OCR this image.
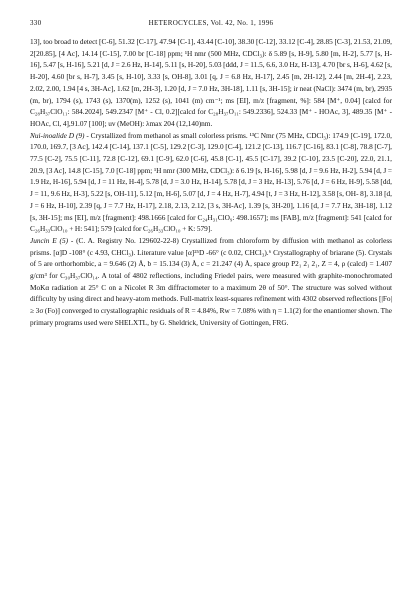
330	HETEROCYCLES, Vol. 42, No. 1, 1996

13], too broad to detect [C-6], 51.32 [C-17], 47.94 [C-1], 43.44 [C-10], 38.30 [C-12], 33.12 [C-4], 28.85 [C-3], 21.53, 21.09, 2[20.85], [4 Ac], 14.14 [C-15], 7.00 br [C-18] ppm; ¹H nmr (500 MHz, CDCl₃): δ 5.89 [s, H-9], 5.80 [m, H-2], 5.77 [s, H-16], 5.47 [s, H-16], 5.21 [d, J = 2.6 Hz, H-14], 5.11 [s, H-20], 5.03 [ddd, J = 11.5, 6.6, 3.0 Hz, H-13], 4.70 [br s, H-6], 4.62 [s, H-20], 4.60 [br s, H-7], 3.45 [s, H-10], 3.33 [s, OH-8], 3.01 [q, J = 6.8 Hz, H-17], 2.45 [m, 2H-12], 2.44 [m, 2H-4], 2.23, 2.02, 2.00, 1.94 [4 s, 3H-Ac], 1.62 [m, 2H-3], 1.20 [d, J = 7.0 Hz, 3H-18], 1.11 [s, 3H-15]; ir neat (NaCl): 3474 (m, br), 2935 (m, br), 1794 (s), 1743 (s), 1370(m), 1252 (s), 1041 (m) cm⁻¹; ms [EI], m/z [fragment, %]: 584 [M⁺, 0.04] [calcd for C₂₈H₃₇ClO₁₁: 584.2024], 549.2347 [M⁺ - Cl, 0.2][calcd for C₂₈H₃₇O₁₁: 549.2336], 524.33 [M⁺ - HOAc, 3], 489.35 [M⁺ - HOAc, Cl, 4],91.07 [100]; uv (MeOH): λmax 204 (12,140)nm.

Nui-inoalide D (9) - Crystallized from methanol as small colorless prisms. ¹³C Nmr (75 MHz, CDCl₃): 174.9 [C-19], 172.0, 170.0, 169.7, [3 Ac], 142.4 [C-14], 137.1 [C-5], 129.2 [C-3], 129.0 [C-4], 121.2 [C-13], 116.7 [C-16], 83.1 [C-8], 78.8 [C-7], 77.5 [C-2], 75.5 [C-11], 72.8 [C-12], 69.1 [C-9], 62.0 [C-6], 45.8 [C-1], 45.5 [C-17], 39.2 [C-10], 23.5 [C-20], 22.0, 21.1, 20.9, [3 Ac], 14.8 [C-15], 7.0 [C-18] ppm; ¹H nmr (300 MHz, CDCl₃): δ 6.19 [s, H-16], 5.98 [d, J = 9.6 Hz, H-2], 5.94 [d, J = 1.9 Hz, H-16], 5.94 [d, J = 11 Hz, H-4], 5.78 [d, J = 3.0 Hz, H-14], 5.78 [d, J = 3 Hz, H-13], 5.76 [d, J = 6 Hz, H-9], 5.58 [dd, J = 11, 9.6 Hz, H-3], 5.22 [s, OH-11], 5.12 [m, H-6], 5.07 [d, J = 4 Hz, H-7], 4.94 [t, J = 3 Hz, H-12], 3.58 [s, OH- 8], 3.18 [d, J = 6 Hz, H-10], 2.39 [q, J = 7.7 Hz, H-17], 2.18, 2.13, 2.12, [3 s, 3H-Ac], 1.39 [s, 3H-20], 1.16 [d, J = 7.7 Hz, 3H-18], 1.12 [s, 3H-15]; ms [EI], m/z [fragment]: 498.1666 [calcd for C₂₄H₃₁ClO₉: 498.1657]; ms [FAB], m/z [fragment]: 541 [calcd for C₂₆H₃₃ClO₁₀ + H: 541]; 579 [calcd for C₂₆H₃₃ClO₁₀ + K: 579].

Juncin E (5) - (C. A. Registry No. 129602-22-8) Crystallized from chloroform by diffusion with methanol as colorless prisms. [α]D -108° (c 4.93, CHCl₃). Literature value [α]²⁵D -66° (c 0.02, CHCl₃).⁶ Crystallography of briarane (5). Crystals of 5 are orthorhombic, a = 9.646 (2) Å, b = 15.134 (3) Å, c = 21.247 (4) Å, space group P2₁ 2₁ 2₁, Z = 4, ρ (calcd) = 1.407 g/cm³ for C₃₀H₃₇ClO₁₄. A total of 4802 reflections, including Friedel pairs, were measured with graphite-monochromated MoKα radiation at 25° C on a Nicolet R 3m diffractometer to a maximum 2θ of 50°. The structure was solved without difficulty by using direct and heavy-atom methods. Full-matrix least-squares refinement with 4302 observed reflections [|Fo|≥ 3σ (Fo)] converged to crystallographic residuals of R = 4.84%, Rw = 7.08% with η = 1.1(2) for the enantiomer shown. The primary programs used were SHELXTL, by G. Sheldrick, University of Gottingen, FRG.
